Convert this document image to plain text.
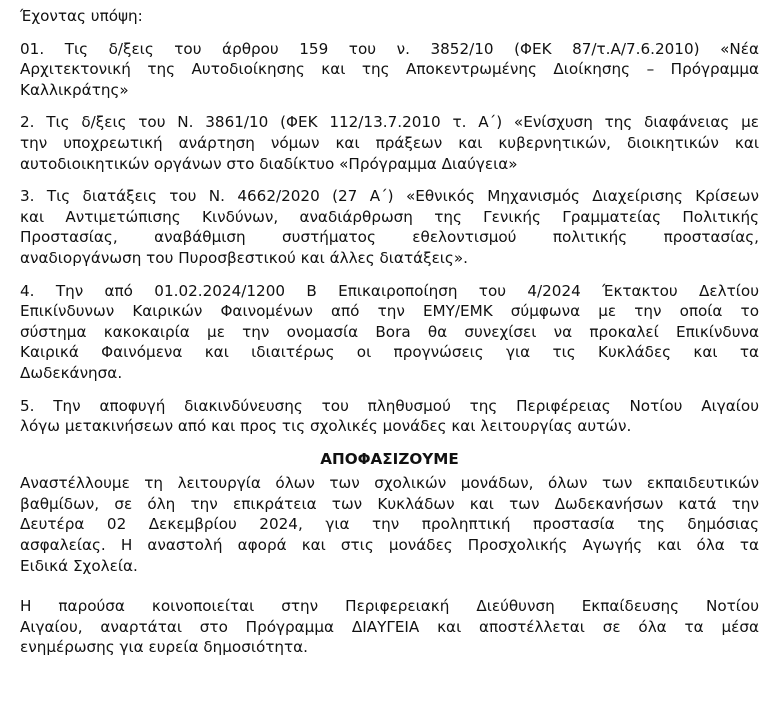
Έχοντας υπόψη:
01. Τις δ/ξεις του άρθρου 159 του ν. 3852/10 (ΦΕΚ 87/τ.Α/7.6.2010) «Νέα
Αρχιτεκτονική της Αυτοδιοίκησης και της Αποκεντρωμένης Διοίκησης – Πρόγραμμα
Καλλικράτης»
2. Τις δ/ξεις του Ν. 3861/10 (ΦΕΚ 112/13.7.2010 τ. Α΄) «Ενίσχυση της διαφάνειας με
την υποχρεωτική ανάρτηση νόμων και πράξεων και κυβερνητικών, διοικητικών και
αυτοδιοικητικών οργάνων στο διαδίκτυο «Πρόγραμμα Διαύγεια»
3. Τις διατάξεις του Ν. 4662/2020 (27 Α΄) «Εθνικός Μηχανισμός Διαχείρισης Κρίσεων
και Αντιμετώπισης Κινδύνων, αναδιάρθρωση της Γενικής Γραμματείας Πολιτικής
Προστασίας, αναβάθμιση συστήματος εθελοντισμού πολιτικής προστασίας,
αναδιοργάνωση του Πυροσβεστικού και άλλες διατάξεις».
4. Την από 01.02.2024/1200 Β Επικαιροποίηση του 4/2024 Έκτακτου Δελτίου
Επικίνδυνων Καιρικών Φαινομένων από την ΕΜΥ/ΕΜΚ σύμφωνα με την οποία το
σύστημα κακοκαιρία με την ονομασία Bora θα συνεχίσει να προκαλεί Επικίνδυνα
Καιρικά Φαινόμενα και ιδιαιτέρως οι προγνώσεις για τις Κυκλάδες και τα
Δωδεκάνησα.
5. Την αποφυγή διακινδύνευσης του πληθυσμού της Περιφέρειας Νοτίου Αιγαίου
λόγω μετακινήσεων από και προς τις σχολικές μονάδες και λειτουργίας αυτών.
ΑΠΟΦΑΣΙΖΟΥΜΕ
Αναστέλλουμε τη λειτουργία όλων των σχολικών μονάδων, όλων των εκπαιδευτικών
βαθμίδων, σε όλη την επικράτεια των Κυκλάδων και των Δωδεκανήσων κατά την
Δευτέρα 02 Δεκεμβρίου 2024, για την προληπτική προστασία της δημόσιας
ασφαλείας. Η αναστολή αφορά και στις μονάδες Προσχολικής Αγωγής και όλα τα
Ειδικά Σχολεία.
Η παρούσα κοινοποιείται στην Περιφερειακή Διεύθυνση Εκπαίδευσης Νοτίου
Αιγαίου, αναρτάται στο Πρόγραμμα ΔΙΑΥΓΕΙΑ και αποστέλλεται σε όλα τα μέσα
ενημέρωσης για ευρεία δημοσιότητα.
